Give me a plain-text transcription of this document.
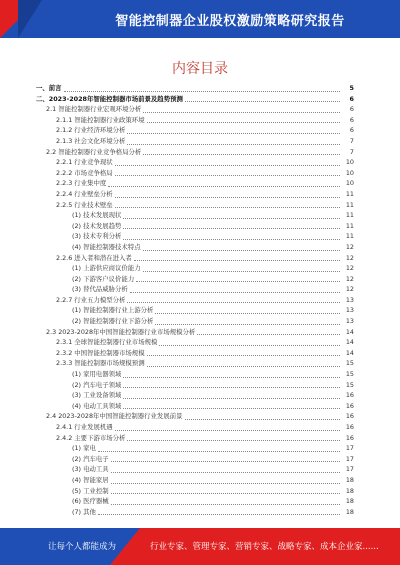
智能控制器企业股权激励策略研究报告
内容目录
一、前言	5
二、2023-2028年智能控制器市场前景及趋势预测	6
2.1 智能控制器行业宏观环境分析	6
2.1.1 智能控制器行业政策环境	6
2.1.2 行业经济环境分析	6
2.1.3 社会文化环境分析	7
2.2 智能控制器行业竞争格局分析	7
2.2.1 行业竞争现状	10
2.2.2 市场竞争格局	10
2.2.3 行业集中度	10
2.2.4 行业壁垒分析	11
2.2.5 行业技术壁垒	11
(1) 技术发展现状	11
(2) 技术发展趋势	11
(3) 技术专利分析	11
(4) 智能控制器技术特点	12
2.2.6 进入者和潜在进入者	12
(1) 上游供应商议价能力	12
(2) 下游客户议价能力	12
(3) 替代品威胁分析	12
2.2.7 行业五力模型分析	13
(1) 智能控制器行业上游分析	13
(2) 智能控制器行业下游分析	13
2.3 2023-2028年中国智能控制器行业市场规模分析	14
2.3.1 全球智能控制器行业市场规模	14
2.3.2 中国智能控制器市场规模	14
2.3.3 智能控制器市场规模预测	15
(1) 家用电器领域	15
(2) 汽车电子领域	15
(3) 工业设备领域	16
(4) 电动工具领域	16
2.4 2023-2028年中国智能控制器行业发展前景	16
2.4.1 行业发展机遇	16
2.4.2 主要下游市场分析	16
(1) 家电	17
(2) 汽车电子	17
(3) 电动工具	17
(4) 智能家居	18
(5) 工业控制	18
(6) 医疗器械	18
(7) 其他	18
让每个人都能成为	行业专家、管理专家、营销专家、战略专家、成本企业家......
